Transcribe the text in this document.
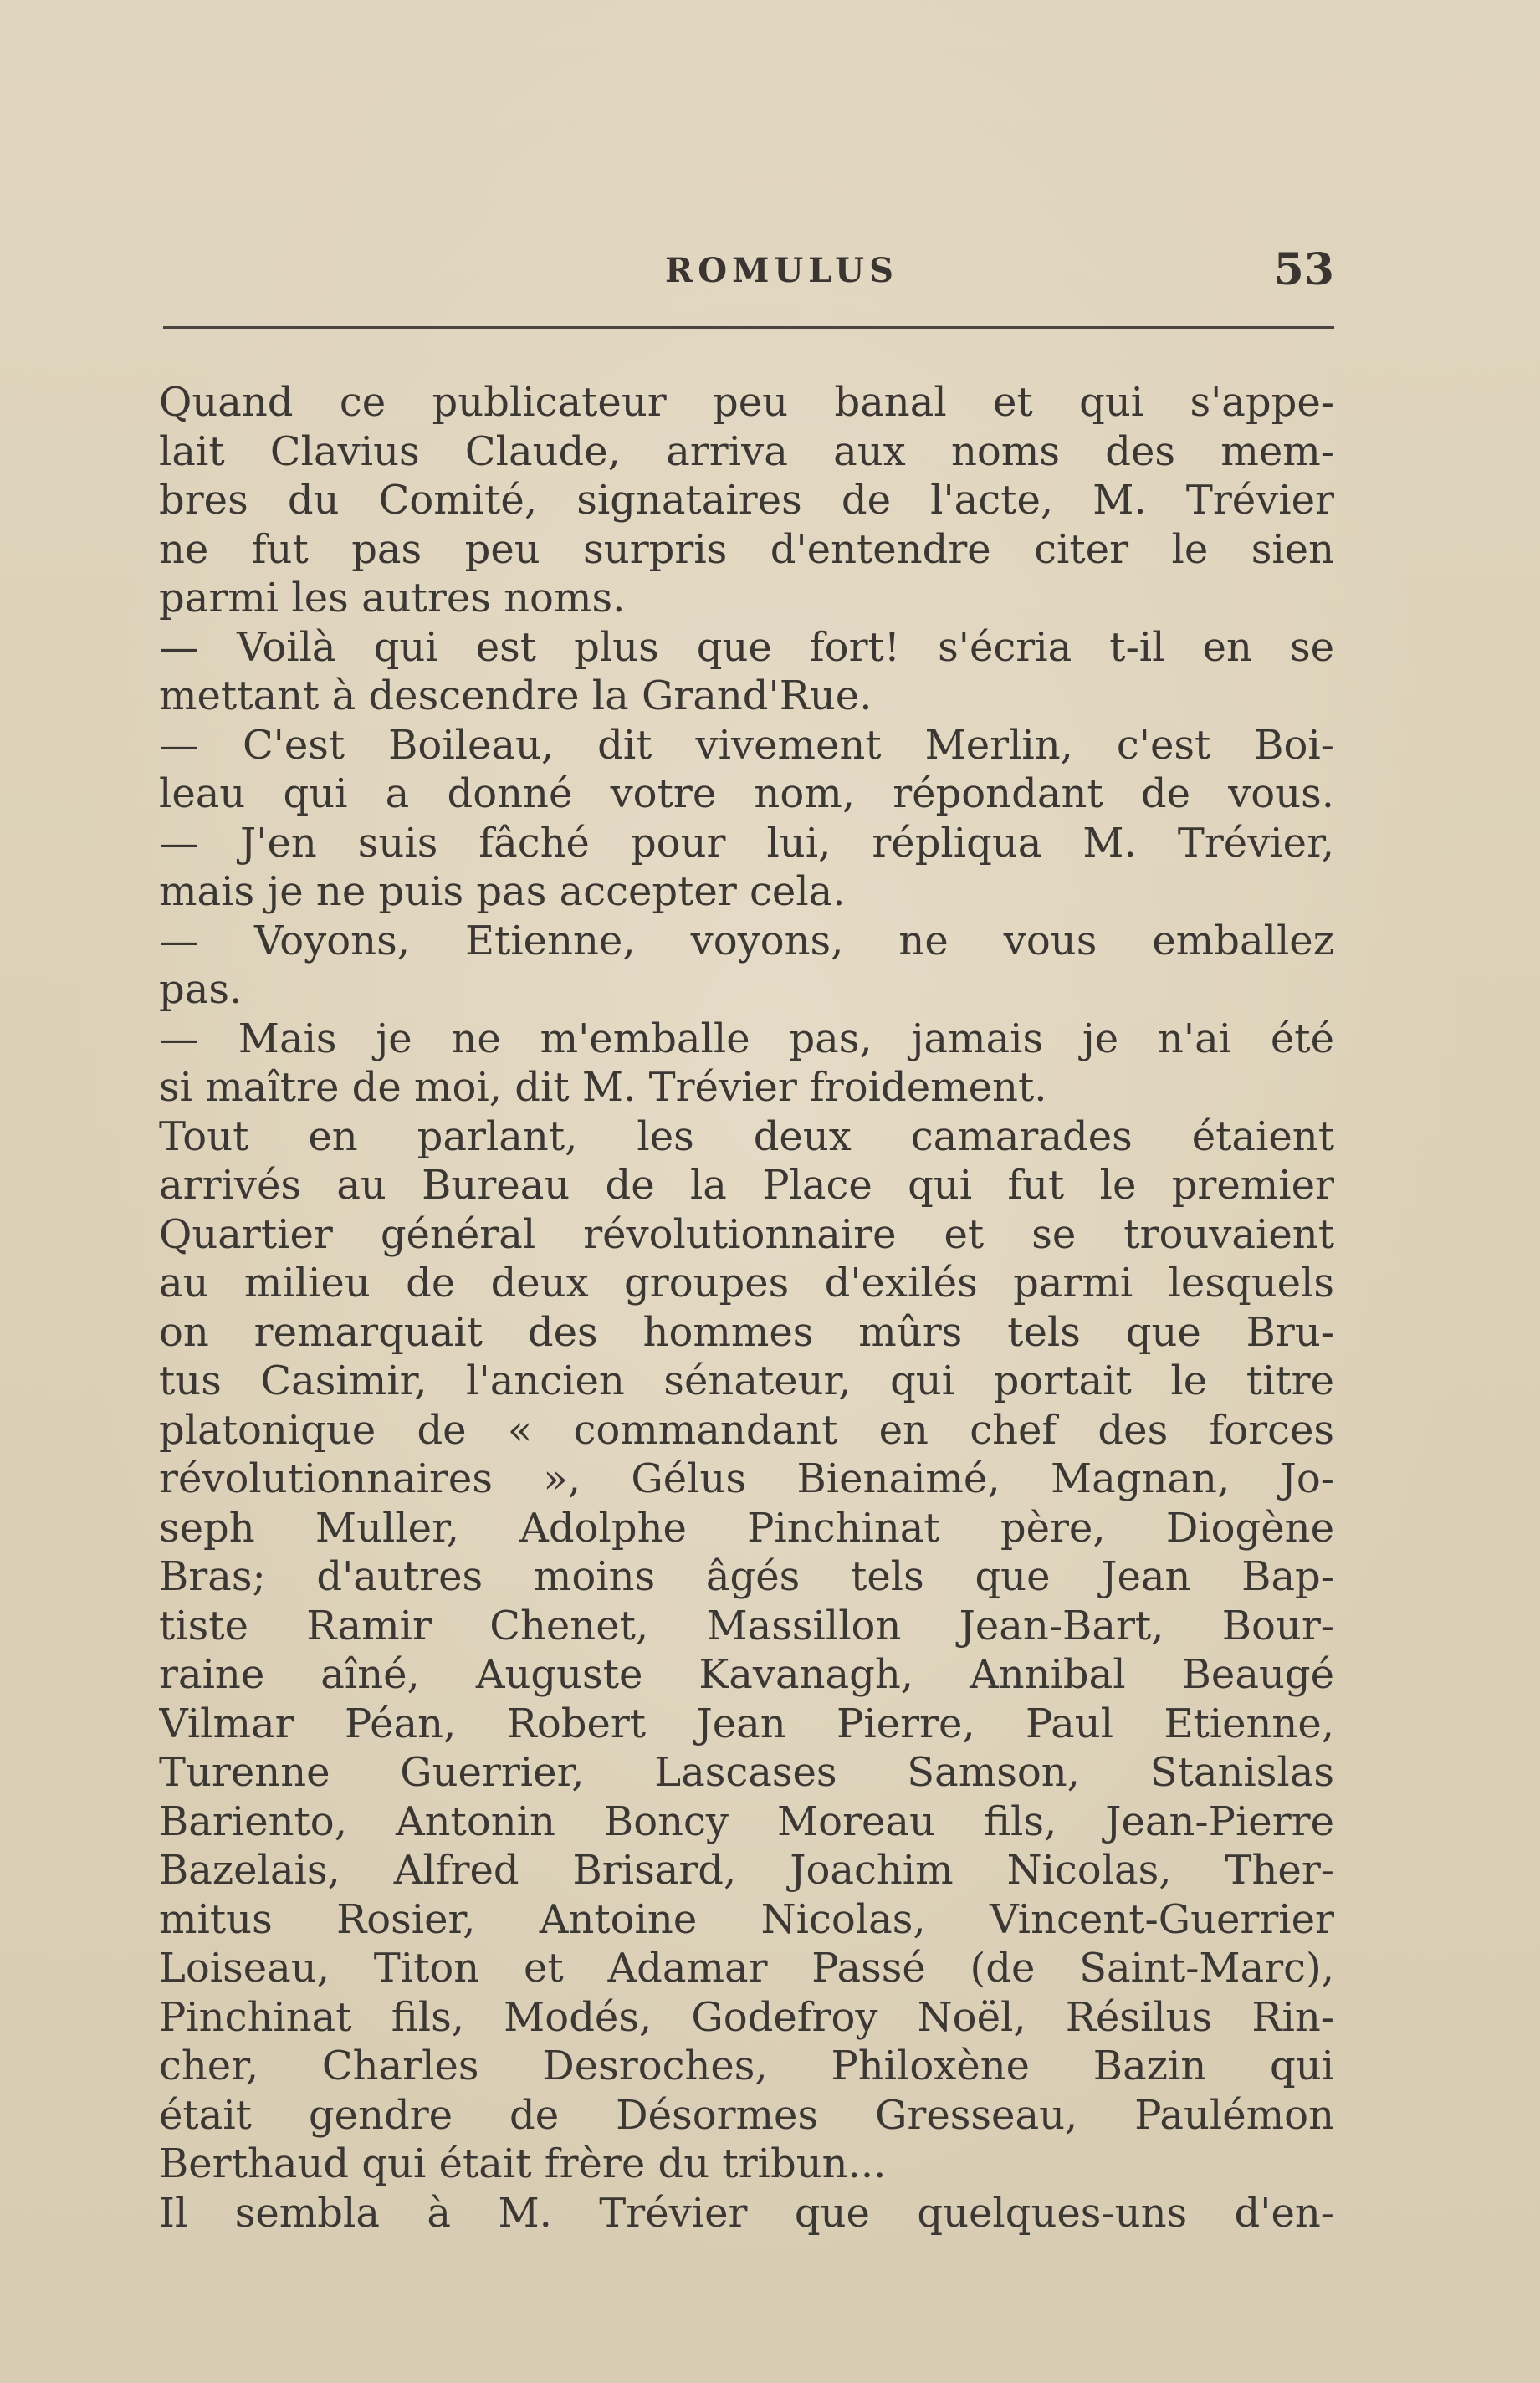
ROMULUS	53
Quand ce publicateur peu banal et qui s'appe-
lait Clavius Claude, arriva aux noms des mem-
bres du Comité, signataires de l'acte, M. Trévier
ne fut pas peu surpris d'entendre citer le sien
parmi les autres noms.
— Voilà qui est plus que fort! s'écria t-il en se
mettant à descendre la Grand'Rue.
— C'est Boileau, dit vivement Merlin, c'est Boi-
leau qui a donné votre nom, répondant de vous.
— J'en suis fâché pour lui, répliqua M. Trévier,
mais je ne puis pas accepter cela.
— Voyons, Etienne, voyons, ne vous emballez
pas.
— Mais je ne m'emballe pas, jamais je n'ai été
si maître de moi, dit M. Trévier froidement.
Tout en parlant, les deux camarades étaient
arrivés au Bureau de la Place qui fut le premier
Quartier général révolutionnaire et se trouvaient
au milieu de deux groupes d'exilés parmi lesquels
on remarquait des hommes mûrs tels que Bru-
tus Casimir, l'ancien sénateur, qui portait le titre
platonique de « commandant en chef des forces
révolutionnaires », Gélus Bienaimé, Magnan, Jo-
seph Muller, Adolphe Pinchinat père, Diogène
Bras; d'autres moins âgés tels que Jean Bap-
tiste Ramir Chenet, Massillon Jean-Bart, Bour-
raine aîné, Auguste Kavanagh, Annibal Beaugé
Vilmar Péan, Robert Jean Pierre, Paul Etienne,
Turenne Guerrier, Lascases Samson, Stanislas
Bariento, Antonin Boncy Moreau fils, Jean-Pierre
Bazelais, Alfred Brisard, Joachim Nicolas, Ther-
mitus Rosier, Antoine Nicolas, Vincent-Guerrier
Loiseau, Titon et Adamar Passé (de Saint-Marc),
Pinchinat fils, Modés, Godefroy Noël, Résilus Rin-
cher, Charles Desroches, Philoxène Bazin qui
était gendre de Désormes Gresseau, Paulémon
Berthaud qui était frère du tribun...
Il sembla à M. Trévier que quelques-uns d'en-
